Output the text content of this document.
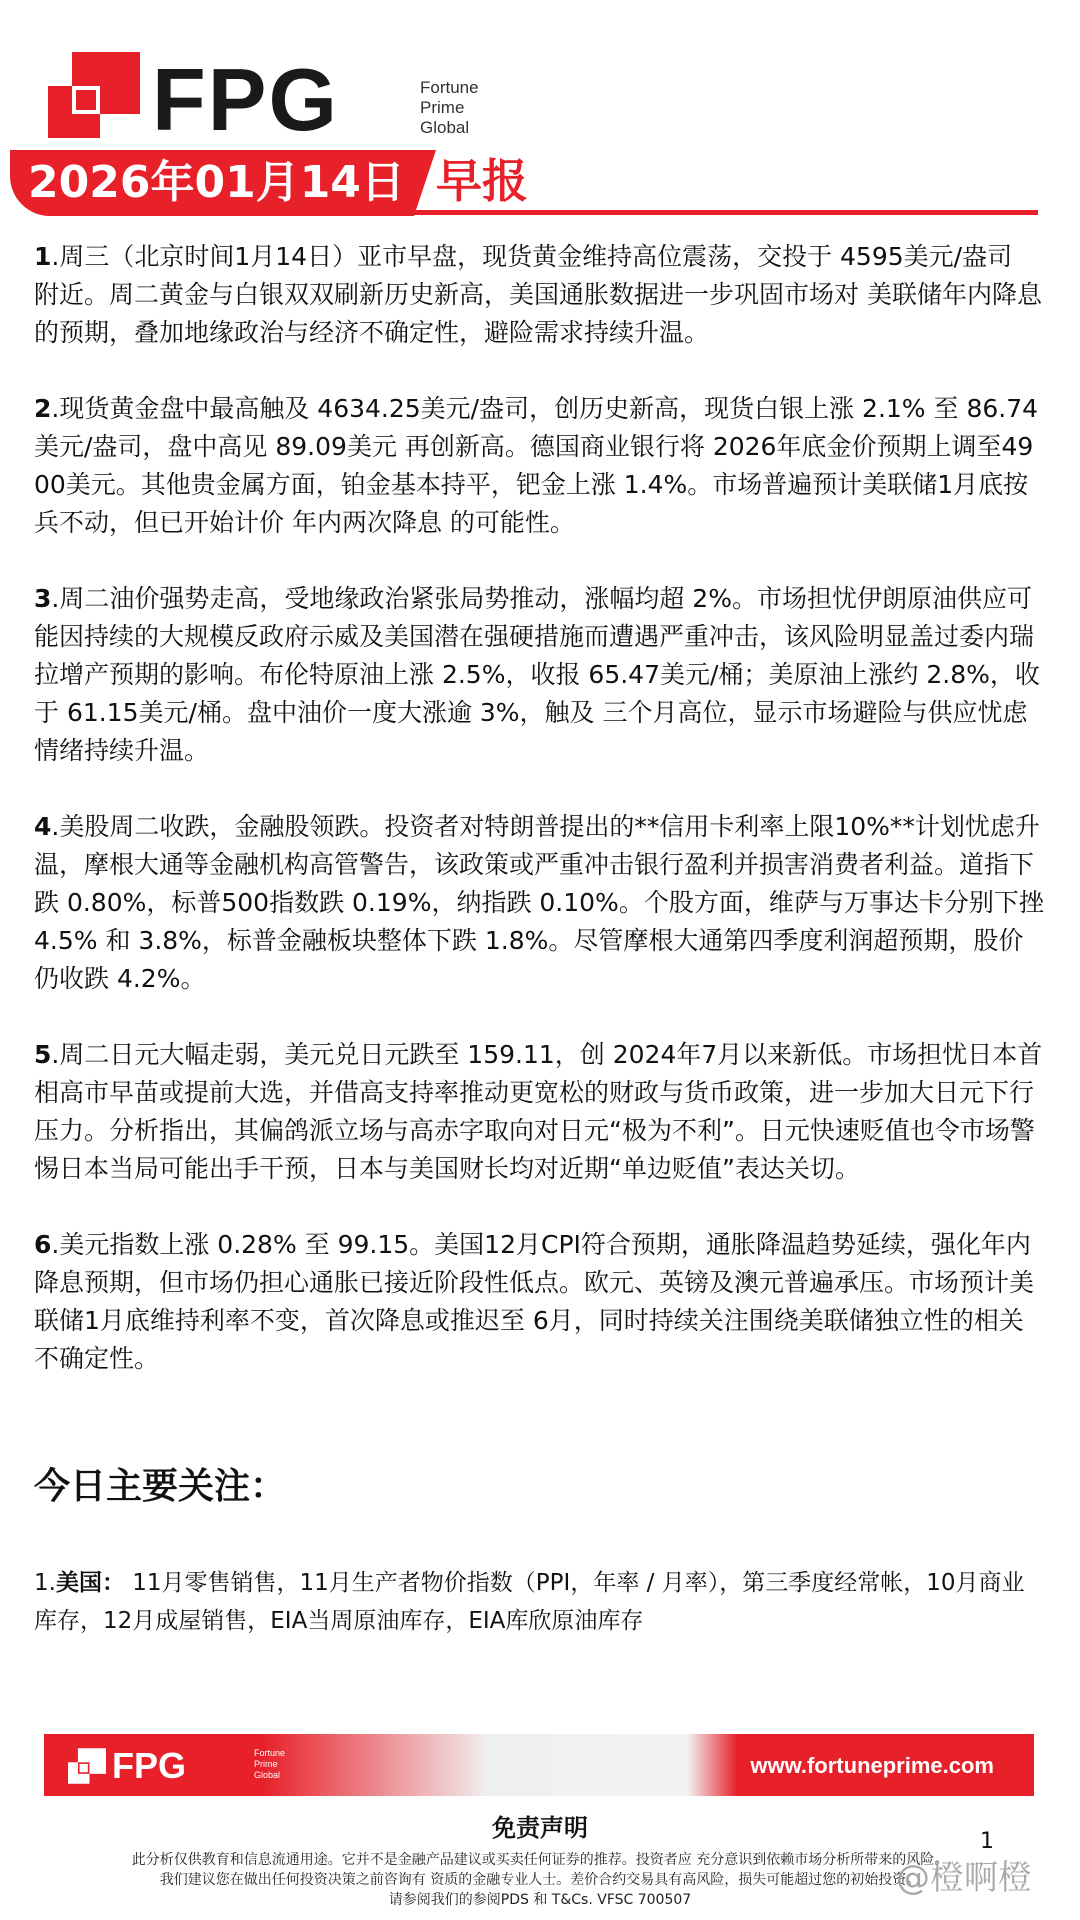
FPG	Fortune
Prime
Global
2026年01月14日 早报

1.周三（北京时间1月14日）亚市早盘，现货黄金维持高位震荡，交投于 4595美元/盎司 附近。周二黄金与白银双双刷新历史新高，美国通胀数据进一步巩固市场对 美联储年内降息 的预期，叠加地缘政治与经济不确定性，避险需求持续升温。

2.现货黄金盘中最高触及 4634.25美元/盎司，创历史新高，现货白银上涨 2.1% 至 86.74美元/盎司，盘中高见 89.09美元 再创新高。德国商业银行将 2026年底金价预期上调至4900美元。其他贵金属方面，铂金基本持平，钯金上涨 1.4%。市场普遍预计美联储1月底按兵不动，但已开始计价 年内两次降息 的可能性。

3.周二油价强势走高，受地缘政治紧张局势推动，涨幅均超 2%。市场担忧伊朗原油供应可能因持续的大规模反政府示威及美国潜在强硬措施而遭遇严重冲击，该风险明显盖过委内瑞拉增产预期的影响。布伦特原油上涨 2.5%，收报 65.47美元/桶；美原油上涨约 2.8%，收于 61.15美元/桶。盘中油价一度大涨逾 3%，触及 三个月高位，显示市场避险与供应忧虑情绪持续升温。

4.美股周二收跌，金融股领跌。投资者对特朗普提出的**信用卡利率上限10%**计划忧虑升温，摩根大通等金融机构高管警告，该政策或严重冲击银行盈利并损害消费者利益。道指下跌 0.80%，标普500指数跌 0.19%，纳指跌 0.10%。个股方面，维萨与万事达卡分别下挫 4.5% 和 3.8%，标普金融板块整体下跌 1.8%。尽管摩根大通第四季度利润超预期，股价仍收跌 4.2%。

5.周二日元大幅走弱，美元兑日元跌至 159.11，创 2024年7月以来新低。市场担忧日本首相高市早苗或提前大选，并借高支持率推动更宽松的财政与货币政策，进一步加大日元下行压力。分析指出，其偏鸽派立场与高赤字取向对日元“极为不利”。日元快速贬值也令市场警惕日本当局可能出手干预，日本与美国财长均对近期“单边贬值”表达关切。

6.美元指数上涨 0.28% 至 99.15。美国12月CPI符合预期，通胀降温趋势延续，强化年内降息预期，但市场仍担心通胀已接近阶段性低点。欧元、英镑及澳元普遍承压。市场预计美联储1月底维持利率不变，首次降息或推迟至 6月，同时持续关注围绕美联储独立性的相关不确定性。

今日主要关注：
1.美国： 11月零售销售，11月生产者物价指数（PPI，年率 / 月率），第三季度经常帐，10月商业库存，12月成屋销售，EIA当周原油库存，EIA库欣原油库存
FPG	Fortune
Prime
Global	www.fortuneprime.com
免责声明
此分析仅供教育和信息流通用途。它并不是金融产品建议或买卖任何证券的推荐。投资者应 充分意识到依赖市场分析所带来的风险。
我们建议您在做出任何投资决策之前咨询有 资质的金融专业人士。差价合约交易具有高风险，损失可能超过您的初始投资。
请参阅我们的参阅PDS 和 T&Cs. VFSC 700507
1
@橙啊橙
